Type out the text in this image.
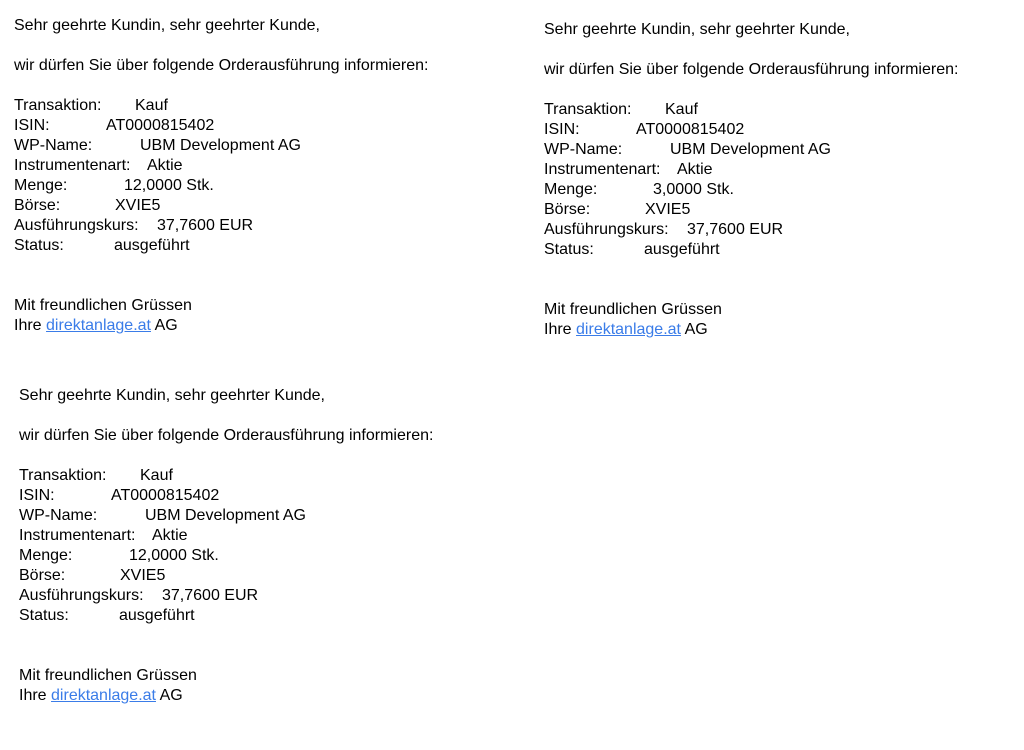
Sehr geehrte Kundin, sehr geehrter Kunde,
wir dürfen Sie über folgende Orderausführung informieren:
Transaktion: Kauf
ISIN:	AT0000815402
WP-Name:	UBM Development AG
Instrumentenart: Aktie
Menge:	12,0000 Stk.
Börse:	XVIE5
Ausführungskurs: 37,7600 EUR
Status:	ausgeführt
Mit freundlichen Grüssen
Ihre direktanlage.at AG
Sehr geehrte Kundin, sehr geehrter Kunde,
wir dürfen Sie über folgende Orderausführung informieren:
Transaktion: Kauf
ISIN:	AT0000815402
WP-Name:	UBM Development AG
Instrumentenart: Aktie
Menge:	3,0000 Stk.
Börse:	XVIE5
Ausführungskurs: 37,7600 EUR
Status:	ausgeführt
Mit freundlichen Grüssen
Ihre direktanlage.at AG
Sehr geehrte Kundin, sehr geehrter Kunde,
wir dürfen Sie über folgende Orderausführung informieren:
Transaktion: Kauf
ISIN:	AT0000815402
WP-Name:	UBM Development AG
Instrumentenart: Aktie
Menge:	12,0000 Stk.
Börse:	XVIE5
Ausführungskurs: 37,7600 EUR
Status:	ausgeführt
Mit freundlichen Grüssen
Ihre direktanlage.at AG
